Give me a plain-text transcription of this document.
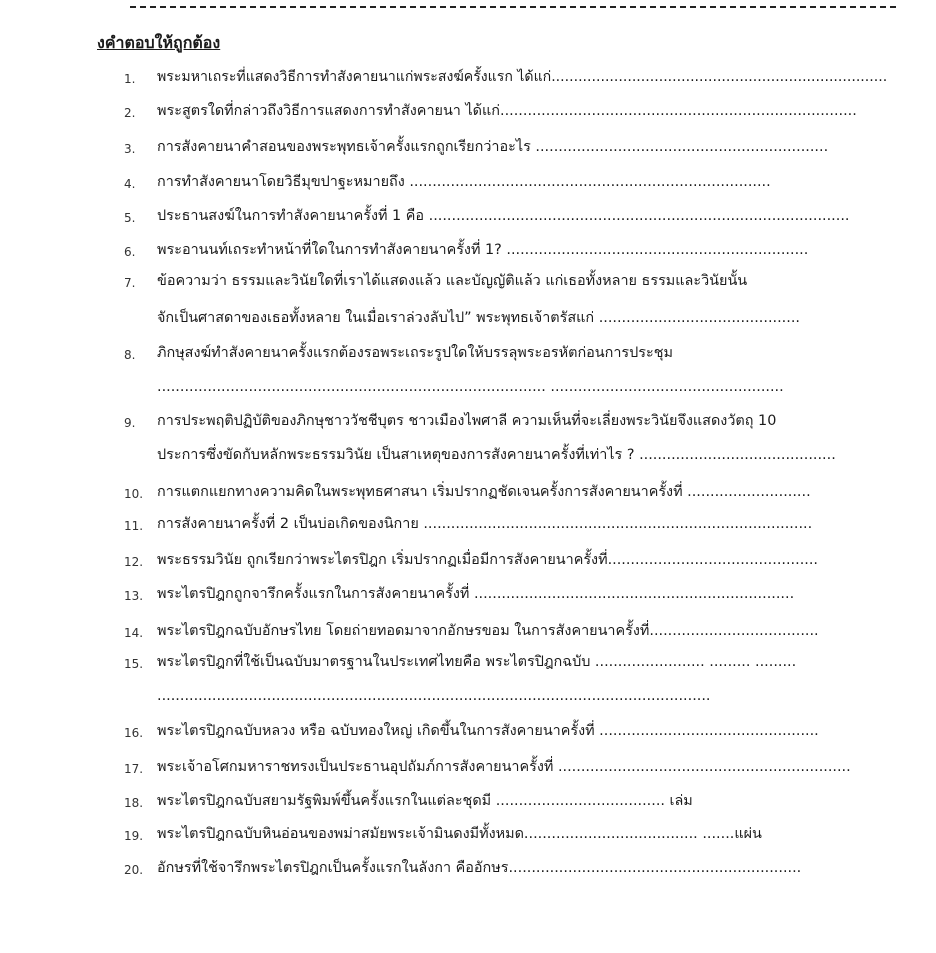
งคำตอบให้ถูกต้อง
1.	พระมหาเถระที่แสดงวิธีการทำสังคายนาแก่พระสงฆ์ครั้งแรก ได้แก่...........................................................................
2.	พระสูตรใดที่กล่าวถึงวิธีการแสดงการทำสังคายนา ได้แก่..............................................................................
3.	การสังคายนาคำสอนของพระพุทธเจ้าครั้งแรกถูกเรียกว่าอะไร ................................................................
4.	การทำสังคายนาโดยวิธีมุขปาฐะหมายถึง ...............................................................................
5.	ประธานสงฆ์ในการทำสังคายนาครั้งที่ 1 คือ ............................................................................................
6.	พระอานนท์เถระทำหน้าที่ใดในการทำสังคายนาครั้งที่ 1? ..................................................................
7.	ข้อความว่า ธรรมและวินัยใดที่เราได้แสดงแล้ว และบัญญัติแล้ว แก่เธอทั้งหลาย ธรรมและวินัยนั้น
จักเป็นศาสดาของเธอทั้งหลาย ในเมื่อเราล่วงลับไป” พระพุทธเจ้าตรัสแก่ ............................................
8.	ภิกษุสงฆ์ทำสังคายนาครั้งแรกต้องรอพระเถระรูปใดให้บรรลุพระอรหัตก่อนการประชุม
..................................................................................... ...................................................
9.	การประพฤติปฏิบัติของภิกษุชาววัชชีบุตร ชาวเมืองไพศาลี ความเห็นที่จะเลี่ยงพระวินัยจึงแสดงวัตถุ 10
ประการซึ่งขัดกับหลักพระธรรมวินัย เป็นสาเหตุของการสังคายนาครั้งที่เท่าไร ? ...........................................
10. การแตกแยกทางความคิดในพระพุทธศาสนา เริ่มปรากฏชัดเจนครั้งการสังคายนาครั้งที่ ...........................
11. การสังคายนาครั้งที่ 2 เป็นบ่อเกิดของนิกาย .....................................................................................
12. พระธรรมวินัย ถูกเรียกว่าพระไตรปิฎก เริ่มปรากฏเมื่อมีการสังคายนาครั้งที่..............................................
13. พระไตรปิฎกถูกจารึกครั้งแรกในการสังคายนาครั้งที่ ......................................................................
14. พระไตรปิฎกฉบับอักษรไทย โดยถ่ายทอดมาจากอักษรขอม ในการสังคายนาครั้งที่.....................................
15. พระไตรปิฎกที่ใช้เป็นฉบับมาตรฐานในประเทศไทยคือ พระไตรปิฎกฉบับ ........................ ......... .........
.........................................................................................................................
16. พระไตรปิฎกฉบับหลวง หรือ ฉบับทองใหญ่ เกิดขึ้นในการสังคายนาครั้งที่ ................................................
17. พระเจ้าอโศกมหาราชทรงเป็นประธานอุปถัมภ์การสังคายนาครั้งที่ ................................................................
18. พระไตรปิฎกฉบับสยามรัฐพิมพ์ขึ้นครั้งแรกในแต่ละชุดมี ..................................... เล่ม
19. พระไตรปิฎกฉบับหินอ่อนของพม่าสมัยพระเจ้ามินดงมีทั้งหมด...................................... .......แผ่น
20. อักษรที่ใช้จารึกพระไตรปิฎกเป็นครั้งแรกในลังกา คืออักษร................................................................
